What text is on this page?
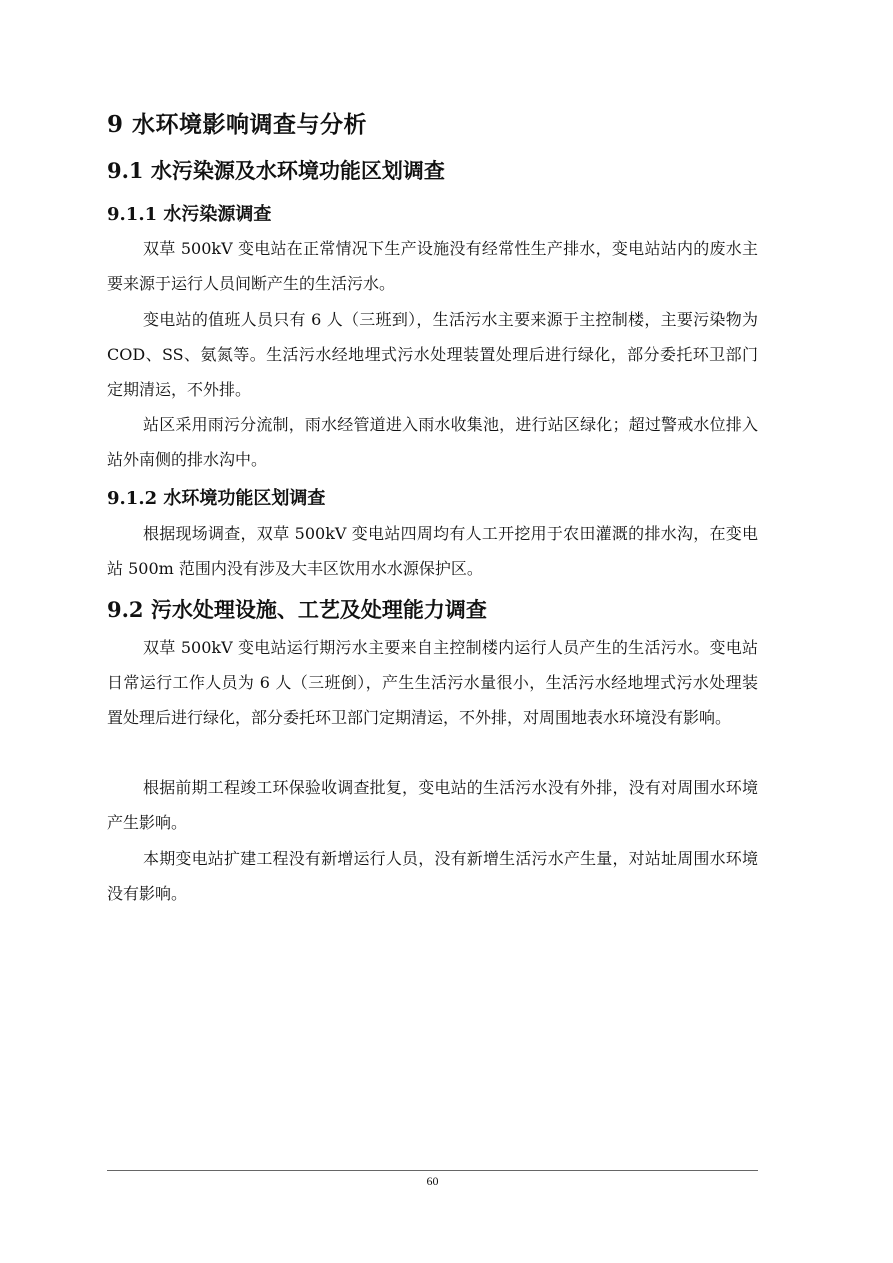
9 水环境影响调查与分析
9.1 水污染源及水环境功能区划调查
9.1.1 水污染源调查

双草 500kV 变电站在正常情况下生产设施没有经常性生产排水，变电站站内的废水主要来源于运行人员间断产生的生活污水。

变电站的值班人员只有 6 人（三班到），生活污水主要来源于主控制楼，主要污染物为 COD、SS、氨氮等。生活污水经地埋式污水处理装置处理后进行绿化，部分委托环卫部门定期清运，不外排。

站区采用雨污分流制，雨水经管道进入雨水收集池，进行站区绿化；超过警戒水位排入站外南侧的排水沟中。

9.1.2 水环境功能区划调查

根据现场调查，双草 500kV 变电站四周均有人工开挖用于农田灌溉的排水沟，在变电站 500m 范围内没有涉及大丰区饮用水水源保护区。

9.2 污水处理设施、工艺及处理能力调查

双草 500kV 变电站运行期污水主要来自主控制楼内运行人员产生的生活污水。变电站日常运行工作人员为 6 人（三班倒），产生生活污水量很小，生活污水经地埋式污水处理装置处理后进行绿化，部分委托环卫部门定期清运，不外排，对周围地表水环境没有影响。

根据前期工程竣工环保验收调查批复，变电站的生活污水没有外排，没有对周围水环境产生影响。

本期变电站扩建工程没有新增运行人员，没有新增生活污水产生量，对站址周围水环境没有影响。

60
